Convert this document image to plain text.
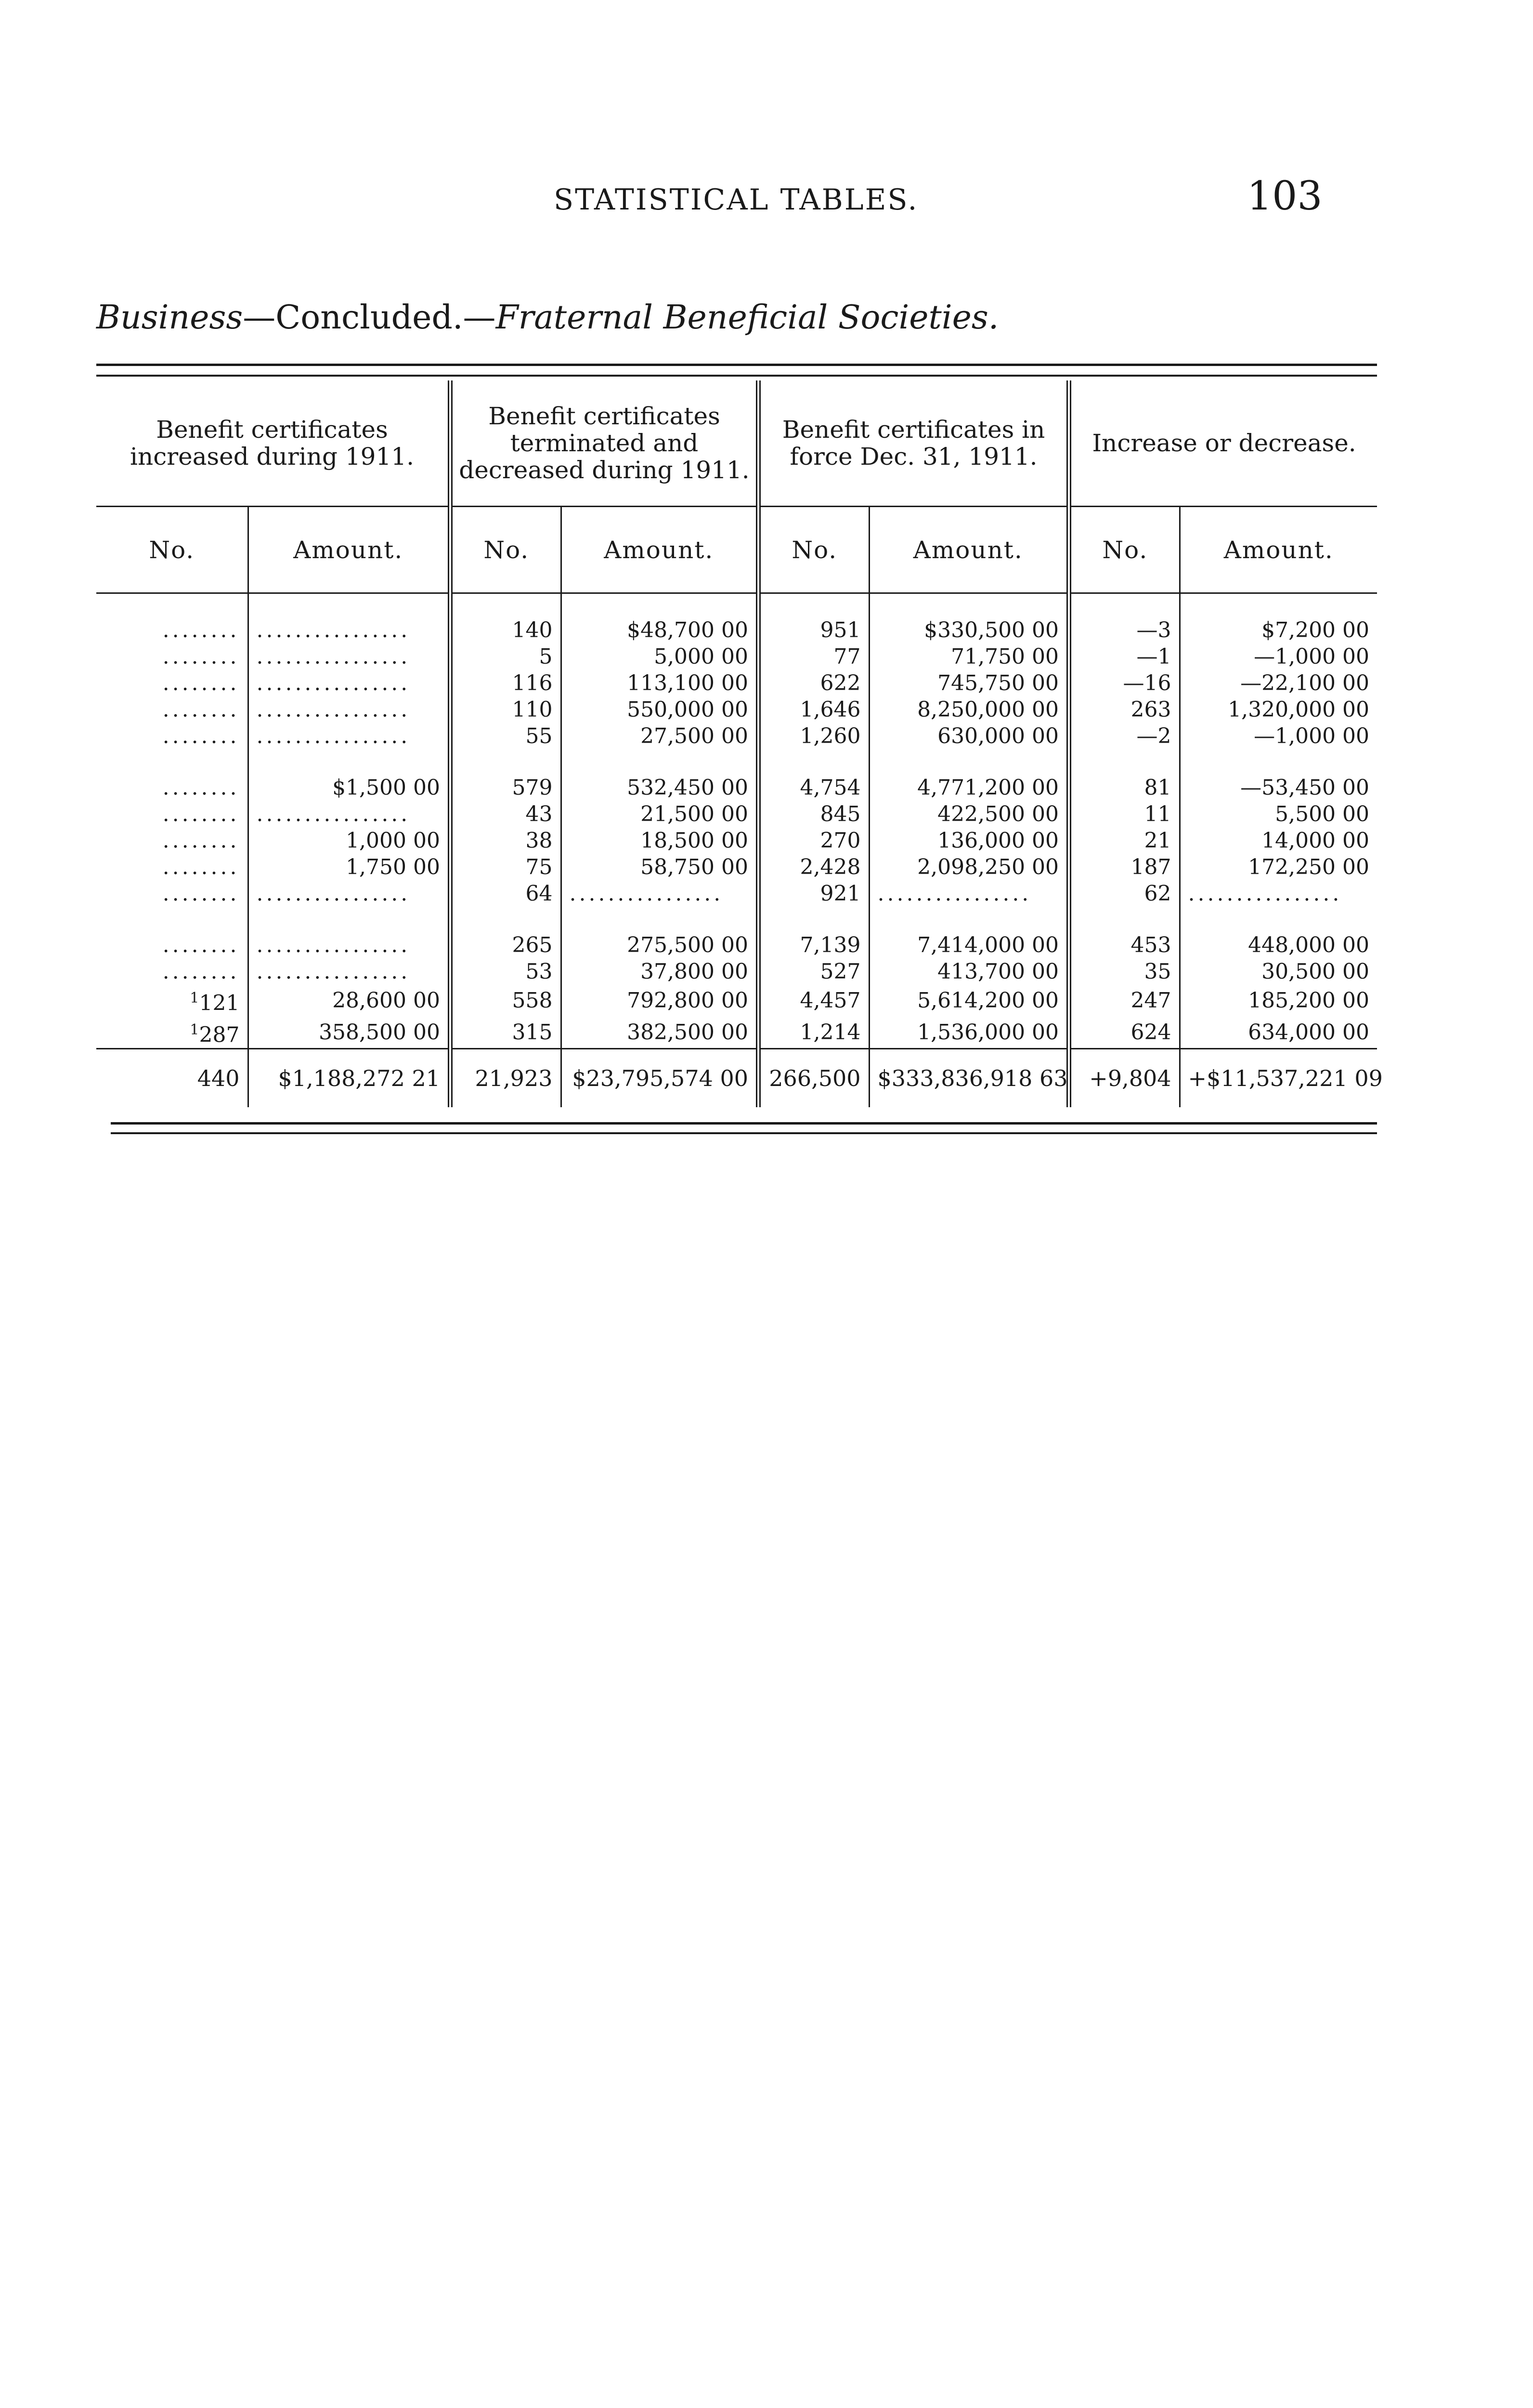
STATISTICAL TABLES.	103
Business—Concluded.—Fraternal Beneficial Societies.
Benefit certificates increased during 1911.		Benefit certificates terminated and decreased during 1911.		Benefit certificates in force Dec. 31, 1911.		Increase or decrease.	
No.	Amount.	No.	Amount.	No.	Amount.	No.	Amount.
........	................	140	$48,700 00	951	$330,500 00	—3	$7,200 00
........	................	5	5,000 00	77	71,750 00	—1	—1,000 00
........	................	116	113,100 00	622	745,750 00	—16	—22,100 00
........	................	110	550,000 00	1,646	8,250,000 00	263	1,320,000 00
........	................	55	27,500 00	1,260	630,000 00	—2	—1,000 00

........	$1,500 00	579	532,450 00	4,754	4,771,200 00	81	—53,450 00
........	................	43	21,500 00	845	422,500 00	11	5,500 00
........	1,000 00	38	18,500 00	270	136,000 00	21	14,000 00
........	1,750 00	75	58,750 00	2,428	2,098,250 00	187	172,250 00
........	................	64	................	921	................	62	................

........	................	265	275,500 00	7,139	7,414,000 00	453	448,000 00
........	................	53	37,800 00	527	413,700 00	35	30,500 00
$^1$121	28,600 00	558	792,800 00	4,457	5,614,200 00	247	185,200 00
$^1$287	358,500 00	315	382,500 00	1,214	1,536,000 00	624	634,000 00
440	$1,188,272 21	21,923	$23,795,574 00	266,500	$333,836,918 63	+9,804	+$11,537,221 09
